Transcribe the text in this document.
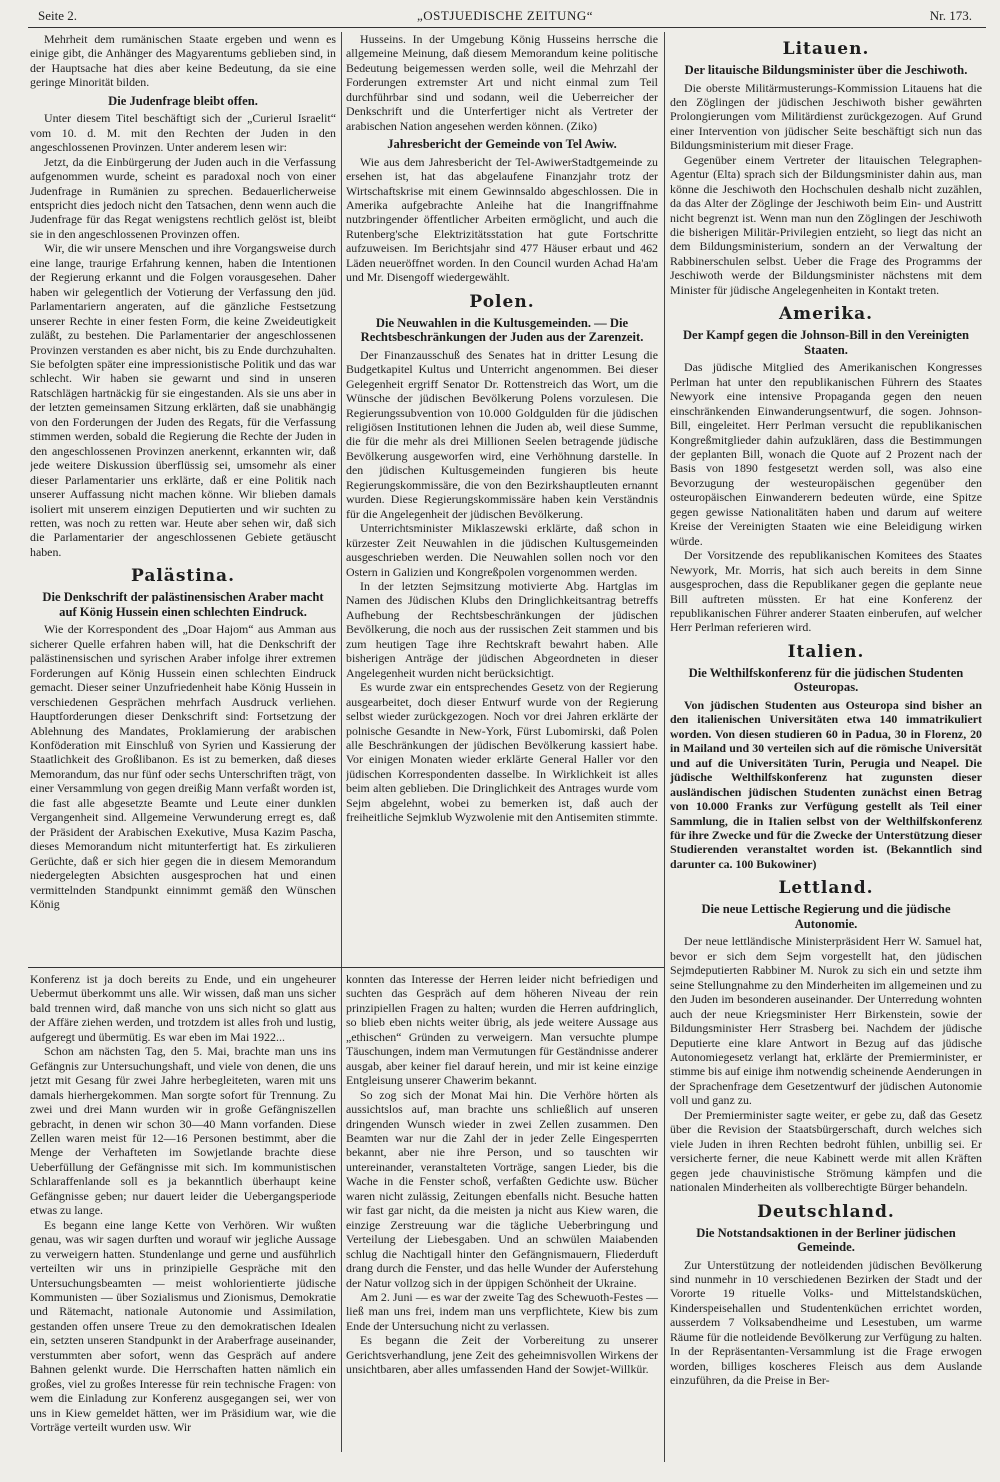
Seite 2.	„OSTJUEDISCHE ZEITUNG“	Nr. 173.

Mehrheit dem rumänischen Staate ergeben und wenn es einige gibt, die Anhänger des Magyarentums geblieben sind, in der Hauptsache hat dies aber keine Bedeutung, da sie eine geringe Minorität bilden.

Die Judenfrage bleibt offen.

Unter diesem Titel beschäftigt sich der „Curierul Israelit“ vom 10. d. M. mit den Rechten der Juden in den angeschlossenen Provinzen. Unter anderem lesen wir:

Jetzt, da die Einbürgerung der Juden auch in die Verfassung aufgenommen wurde, scheint es paradoxal noch von einer Judenfrage in Rumänien zu sprechen. Bedauerlicherweise entspricht dies jedoch nicht den Tatsachen, denn wenn auch die Judenfrage für das Regat wenigstens rechtlich gelöst ist, bleibt sie in den angeschlossenen Provinzen offen.

Wir, die wir unsere Menschen und ihre Vorgangsweise durch eine lange, traurige Erfahrung kennen, haben die Intentionen der Regierung erkannt und die Folgen vorausgesehen. Daher haben wir gelegentlich der Votierung der Verfassung den jüd. Parlamentariern angeraten, auf die gänzliche Festsetzung unserer Rechte in einer festen Form, die keine Zweideutigkeit zuläßt, zu bestehen. Die Parlamentarier der angeschlossenen Provinzen verstanden es aber nicht, bis zu Ende durchzuhalten. Sie befolgten später eine impressionistische Politik und das war schlecht. Wir haben sie gewarnt und sind in unseren Ratschlägen hartnäckig für sie eingestanden. Als sie uns aber in der letzten gemeinsamen Sitzung erklärten, daß sie unabhängig von den Forderungen der Juden des Regats, für die Verfassung stimmen werden, sobald die Regierung die Rechte der Juden in den angeschlossenen Provinzen anerkennt, erkannten wir, daß jede weitere Diskussion überflüssig sei, umsomehr als einer dieser Parlamentarier uns erklärte, daß er eine Politik nach unserer Auffassung nicht machen könne. Wir blieben damals isoliert mit unserem einzigen Deputierten und wir suchten zu retten, was noch zu retten war. Heute aber sehen wir, daß sich die Parlamentarier der angeschlossenen Gebiete getäuscht haben.

Palästina.
Die Denkschrift der palästinensischen Araber macht auf König Hussein einen schlechten Eindruck.

Wie der Korrespondent des „Doar Hajom“ aus Amman aus sicherer Quelle erfahren haben will, hat die Denkschrift der palästinensischen und syrischen Araber infolge ihrer extremen Forderungen auf König Hussein einen schlechten Eindruck gemacht. Dieser seiner Unzufriedenheit habe König Hussein in verschiedenen Gesprächen mehrfach Ausdruck verliehen. Hauptforderungen dieser Denkschrift sind: Fortsetzung der Ablehnung des Mandates, Proklamierung der arabischen Konföderation mit Einschluß von Syrien und Kassierung der Staatlichkeit des Großlibanon. Es ist zu bemerken, daß dieses Memorandum, das nur fünf oder sechs Unterschriften trägt, von einer Versammlung von gegen dreißig Mann verfaßt worden ist, die fast alle abgesetzte Beamte und Leute einer dunklen Vergangenheit sind. Allgemeine Verwunderung erregt es, daß der Präsident der Arabischen Exekutive, Musa Kazim Pascha, dieses Memorandum nicht mitunterfertigt hat. Es zirkulieren Gerüchte, daß er sich hier gegen die in diesem Memorandum niedergelegten Absichten ausgesprochen hat und einen vermittelnden Standpunkt einnimmt gemäß den Wünschen König

Husseins. In der Umgebung König Husseins herrsche die allgemeine Meinung, daß diesem Memorandum keine politische Bedeutung beigemessen werden solle, weil die Mehrzahl der Forderungen extremster Art und nicht einmal zum Teil durchführbar sind und sodann, weil die Ueberreicher der Denkschrift und die Unterfertiger nicht als Vertreter der arabischen Nation angesehen werden können. (Ziko)

Jahresbericht der Gemeinde von Tel Awiw.

Wie aus dem Jahresbericht der Tel-AwiwerStadtgemeinde zu ersehen ist, hat das abgelaufene Finanzjahr trotz der Wirtschaftskrise mit einem Gewinnsaldo abgeschlossen. Die in Amerika aufgebrachte Anleihe hat die Inangriffnahme nutzbringender öffentlicher Arbeiten ermöglicht, und auch die Rutenberg'sche Elektrizitätsstation hat gute Fortschritte aufzuweisen. Im Berichtsjahr sind 477 Häuser erbaut und 462 Läden neueröffnet worden. In den Council wurden Achad Ha'am und Mr. Disengoff wiedergewählt.

Polen.
Die Neuwahlen in die Kultusgemeinden. — Die Rechtsbeschränkungen der Juden aus der Zarenzeit.

Der Finanzausschuß des Senates hat in dritter Lesung die Budgetkapitel Kultus und Unterricht angenommen. Bei dieser Gelegenheit ergriff Senator Dr. Rottenstreich das Wort, um die Wünsche der jüdischen Bevölkerung Polens vorzulesen. Die Regierungssubvention von 10.000 Goldgulden für die jüdischen religiösen Institutionen lehnen die Juden ab, weil diese Summe, die für die mehr als drei Millionen Seelen betragende jüdische Bevölkerung ausgeworfen wird, eine Verhöhnung darstelle. In den jüdischen Kultusgemeinden fungieren bis heute Regierungskommissäre, die von den Bezirkshauptleuten ernannt wurden. Diese Regierungskommissäre haben kein Verständnis für die Angelegenheit der jüdischen Bevölkerung.

Unterrichtsminister Miklaszewski erklärte, daß schon in kürzester Zeit Neuwahlen in die jüdischen Kultusgemeinden ausgeschrieben werden. Die Neuwahlen sollen noch vor den Ostern in Galizien und Kongreßpolen vorgenommen werden.

In der letzten Sejmsitzung motivierte Abg. Hartglas im Namen des Jüdischen Klubs den Dringlichkeitsantrag betreffs Aufhebung der Rechtsbeschränkungen der jüdischen Bevölkerung, die noch aus der russischen Zeit stammen und bis zum heutigen Tage ihre Rechtskraft bewahrt haben. Alle bisherigen Anträge der jüdischen Abgeordneten in dieser Angelegenheit wurden nicht berücksichtigt.

Es wurde zwar ein entsprechendes Gesetz von der Regierung ausgearbeitet, doch dieser Entwurf wurde von der Regierung selbst wieder zurückgezogen. Noch vor drei Jahren erklärte der polnische Gesandte in New-York, Fürst Lubomirski, daß Polen alle Beschränkungen der jüdischen Bevölkerung kassiert habe. Vor einigen Monaten wieder erklärte General Haller vor den jüdischen Korrespondenten dasselbe. In Wirklichkeit ist alles beim alten geblieben. Die Dringlichkeit des Antrages wurde vom Sejm abgelehnt, wobei zu bemerken ist, daß auch der freiheitliche Sejmklub Wyzwolenie mit den Antisemiten stimmte.

Litauen.
Der litauische Bildungsminister über die Jeschiwoth.

Die oberste Militärmusterungs-Kommission Litauens hat die den Zöglingen der jüdischen Jeschiwoth bisher gewährten Prolongierungen vom Militärdienst zurückgezogen. Auf Grund einer Intervention von jüdischer Seite beschäftigt sich nun das Bildungsministerium mit dieser Frage.

Gegenüber einem Vertreter der litauischen Telegraphen-Agentur (Elta) sprach sich der Bildungsminister dahin aus, man könne die Jeschiwoth den Hochschulen deshalb nicht zuzählen, da das Alter der Zöglinge der Jeschiwoth beim Ein- und Austritt nicht begrenzt ist. Wenn man nun den Zöglingen der Jeschiwoth die bisherigen Militär-Privilegien entzieht, so liegt das nicht an dem Bildungsministerium, sondern an der Verwaltung der Rabbinerschulen selbst. Ueber die Frage des Programms der Jeschiwoth werde der Bildungsminister nächstens mit dem Minister für jüdische Angelegenheiten in Kontakt treten.

Amerika.
Der Kampf gegen die Johnson-Bill in den Vereinigten Staaten.

Das jüdische Mitglied des Amerikanischen Kongresses Perlman hat unter den republikanischen Führern des Staates Newyork eine intensive Propaganda gegen den neuen einschränkenden Einwanderungsentwurf, die sogen. Johnson-Bill, eingeleitet. Herr Perlman versucht die republikanischen Kongreßmitglieder dahin aufzuklären, dass die Bestimmungen der geplanten Bill, wonach die Quote auf 2 Prozent nach der Basis von 1890 festgesetzt werden soll, was also eine Bevorzugung der westeuropäischen gegenüber den osteuropäischen Einwanderern bedeuten würde, eine Spitze gegen gewisse Nationalitäten haben und darum auf weitere Kreise der Vereinigten Staaten wie eine Beleidigung wirken würde.

Der Vorsitzende des republikanischen Komitees des Staates Newyork, Mr. Morris, hat sich auch bereits in dem Sinne ausgesprochen, dass die Republikaner gegen die geplante neue Bill auftreten müssten. Er hat eine Konferenz der republikanischen Führer anderer Staaten einberufen, auf welcher Herr Perlman referieren wird.

Italien.
Die Welthilfskonferenz für die jüdischen Studenten Osteuropas.

Von jüdischen Studenten aus Osteuropa sind bisher an den italienischen Universitäten etwa 140 immatrikuliert worden. Von diesen studieren 60 in Padua, 30 in Florenz, 20 in Mailand und 30 verteilen sich auf die römische Universität und auf die Universitäten Turin, Perugia und Neapel. Die jüdische Welthilfskonferenz hat zugunsten dieser ausländischen jüdischen Studenten zunächst einen Betrag von 10.000 Franks zur Verfügung gestellt als Teil einer Sammlung, die in Italien selbst von der Welthilfskonferenz für ihre Zwecke und für die Zwecke der Unterstützung dieser Studierenden veranstaltet worden ist. (Bekanntlich sind darunter ca. 100 Bukowiner)

Lettland.
Die neue Lettische Regierung und die jüdische Autonomie.

Der neue lettländische Ministerpräsident Herr W. Samuel hat, bevor er sich dem Sejm vorgestellt hat, den jüdischen Sejmdeputierten Rabbiner M. Nurok zu sich ein und setzte ihm seine Stellungnahme zu den Minderheiten im allgemeinen und zu den Juden im besonderen auseinander. Der Unterredung wohnten auch der neue Kriegsminister Herr Birkenstein, sowie der Bildungsminister Herr Strasberg bei. Nachdem der jüdische Deputierte eine klare Antwort in Bezug auf das jüdische Autonomiegesetz verlangt hat, erklärte der Premierminister, er stimme bis auf einige ihm notwendig scheinende Aenderungen in der Sprachenfrage dem Gesetzentwurf der jüdischen Autonomie voll und ganz zu.

Der Premierminister sagte weiter, er gebe zu, daß das Gesetz über die Revision der Staatsbürgerschaft, durch welches sich viele Juden in ihren Rechten bedroht fühlen, unbillig sei. Er versicherte ferner, die neue Kabinett werde mit allen Kräften gegen jede chauvinistische Strömung kämpfen und die nationalen Minderheiten als vollberechtigte Bürger behandeln.

Deutschland.
Die Notstandsaktionen in der Berliner jüdischen Gemeinde.

Zur Unterstützung der notleidenden jüdischen Bevölkerung sind nunmehr in 10 verschiedenen Bezirken der Stadt und der Vororte 19 rituelle Volks- und Mittelstandsküchen, Kinderspeisehallen und Studentenküchen errichtet worden, ausserdem 7 Volksabendheime und Lesestuben, um warme Räume für die notleidende Bevölkerung zur Verfügung zu halten. In der Repräsentanten-Versammlung ist die Frage erwogen worden, billiges koscheres Fleisch aus dem Auslande einzuführen, da die Preise in Ber-

Konferenz ist ja doch bereits zu Ende, und ein ungeheurer Uebermut überkommt uns alle. Wir wissen, daß man uns sicher bald trennen wird, daß manche von uns sich nicht so glatt aus der Affäre ziehen werden, und trotzdem ist alles froh und lustig, aufgeregt und übermütig. Es war eben im Mai 1922...

Schon am nächsten Tag, den 5. Mai, brachte man uns ins Gefängnis zur Untersuchungshaft, und viele von denen, die uns jetzt mit Gesang für zwei Jahre herbegleiteten, waren mit uns damals hierhergekommen. Man sorgte sofort für Trennung. Zu zwei und drei Mann wurden wir in große Gefängniszellen gebracht, in denen wir schon 30—40 Mann vorfanden. Diese Zellen waren meist für 12—16 Personen bestimmt, aber die Menge der Verhafteten im Sowjetlande brachte diese Ueberfüllung der Gefängnisse mit sich. Im kommunistischen Schlaraffenlande soll es ja bekanntlich überhaupt keine Gefängnisse geben; nur dauert leider die Uebergangsperiode etwas zu lange.

Es begann eine lange Kette von Verhören. Wir wußten genau, was wir sagen durften und worauf wir jegliche Aussage zu verweigern hatten. Stundenlange und gerne und ausführlich verteilten wir uns in prinzipielle Gespräche mit den Untersuchungsbeamten — meist wohlorientierte jüdische Kommunisten — über Sozialismus und Zionismus, Demokratie und Rätemacht, nationale Autonomie und Assimilation, gestanden offen unsere Treue zu den demokratischen Idealen ein, setzten unseren Standpunkt in der Araberfrage auseinander, verstummten aber sofort, wenn das Gespräch auf andere Bahnen gelenkt wurde. Die Herrschaften hatten nämlich ein großes, viel zu großes Interesse für rein technische Fragen: von wem die Einladung zur Konferenz ausgegangen sei, wer von uns in Kiew gemeldet hätten, wer im Präsidium war, wie die Vorträge verteilt wurden usw. Wir

konnten das Interesse der Herren leider nicht befriedigen und suchten das Gespräch auf dem höheren Niveau der rein prinzipiellen Fragen zu halten; wurden die Herren aufdringlich, so blieb eben nichts weiter übrig, als jede weitere Aussage aus „ethischen“ Gründen zu verweigern. Man versuchte plumpe Täuschungen, indem man Vermutungen für Geständnisse anderer ausgab, aber keiner fiel darauf herein, und mir ist keine einzige Entgleisung unserer Chawerim bekannt.

So zog sich der Monat Mai hin. Die Verhöre hörten als aussichtslos auf, man brachte uns schließlich auf unseren dringenden Wunsch wieder in zwei Zellen zusammen. Den Beamten war nur die Zahl der in jeder Zelle Eingesperrten bekannt, aber nie ihre Person, und so tauschten wir untereinander, veranstalteten Vorträge, sangen Lieder, bis die Wache in die Fenster schoß, verfaßten Gedichte usw. Bücher waren nicht zulässig, Zeitungen ebenfalls nicht. Besuche hatten wir fast gar nicht, da die meisten ja nicht aus Kiew waren, die einzige Zerstreuung war die tägliche Ueberbringung und Verteilung der Liebesgaben. Und an schwülen Maiabenden schlug die Nachtigall hinter den Gefängnismauern, Fliederduft drang durch die Fenster, und das helle Wunder der Auferstehung der Natur vollzog sich in der üppigen Schönheit der Ukraine.

Am 2. Juni — es war der zweite Tag des Schewuoth-Festes — ließ man uns frei, indem man uns verpflichtete, Kiew bis zum Ende der Untersuchung nicht zu verlassen.

Es begann die Zeit der Vorbereitung zu unserer Gerichtsverhandlung, jene Zeit des geheimnisvollen Wirkens der unsichtbaren, aber alles umfassenden Hand der Sowjet-Willkür.
